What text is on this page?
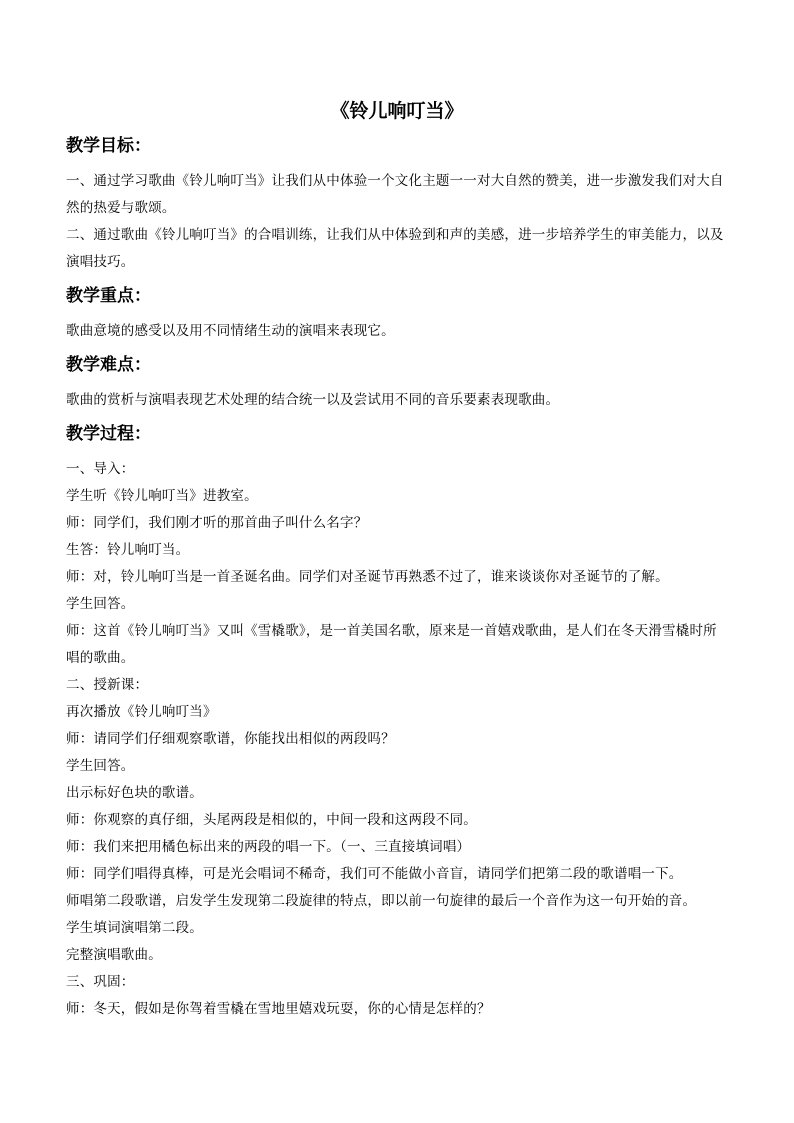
《铃儿响叮当》
教学目标：

一、通过学习歌曲《铃儿响叮当》让我们从中体验一个文化主题一一对大自然的赞美，进一步激发我们对大自然的热爱与歌颂。

二、通过歌曲《铃儿响叮当》的合唱训练，让我们从中体验到和声的美感，进一步培养学生的审美能力，以及演唱技巧。

教学重点：

歌曲意境的感受以及用不同情绪生动的演唱来表现它。

教学难点：

歌曲的赏析与演唱表现艺术处理的结合统一以及尝试用不同的音乐要素表现歌曲。

教学过程：

一、导入：

学生听《铃儿响叮当》进教室。

师：同学们，我们刚才听的那首曲子叫什么名字？

生答：铃儿响叮当。

师：对，铃儿响叮当是一首圣诞名曲。同学们对圣诞节再熟悉不过了，谁来谈谈你对圣诞节的了解。

学生回答。

师：这首《铃儿响叮当》又叫《雪橇歌》，是一首美国名歌，原来是一首嬉戏歌曲，是人们在冬天滑雪橇时所唱的歌曲。

二、授新课：

再次播放《铃儿响叮当》

师：请同学们仔细观察歌谱，你能找出相似的两段吗？

学生回答。

出示标好色块的歌谱。

师：你观察的真仔细，头尾两段是相似的，中间一段和这两段不同。

师：我们来把用橘色标出来的两段的唱一下。（一、三直接填词唱）

师：同学们唱得真棒，可是光会唱词不稀奇，我们可不能做小音盲，请同学们把第二段的歌谱唱一下。

师唱第二段歌谱，启发学生发现第二段旋律的特点，即以前一句旋律的最后一个音作为这一句开始的音。

学生填词演唱第二段。

完整演唱歌曲。

三、巩固：

师：冬天，假如是你驾着雪橇在雪地里嬉戏玩耍，你的心情是怎样的？
